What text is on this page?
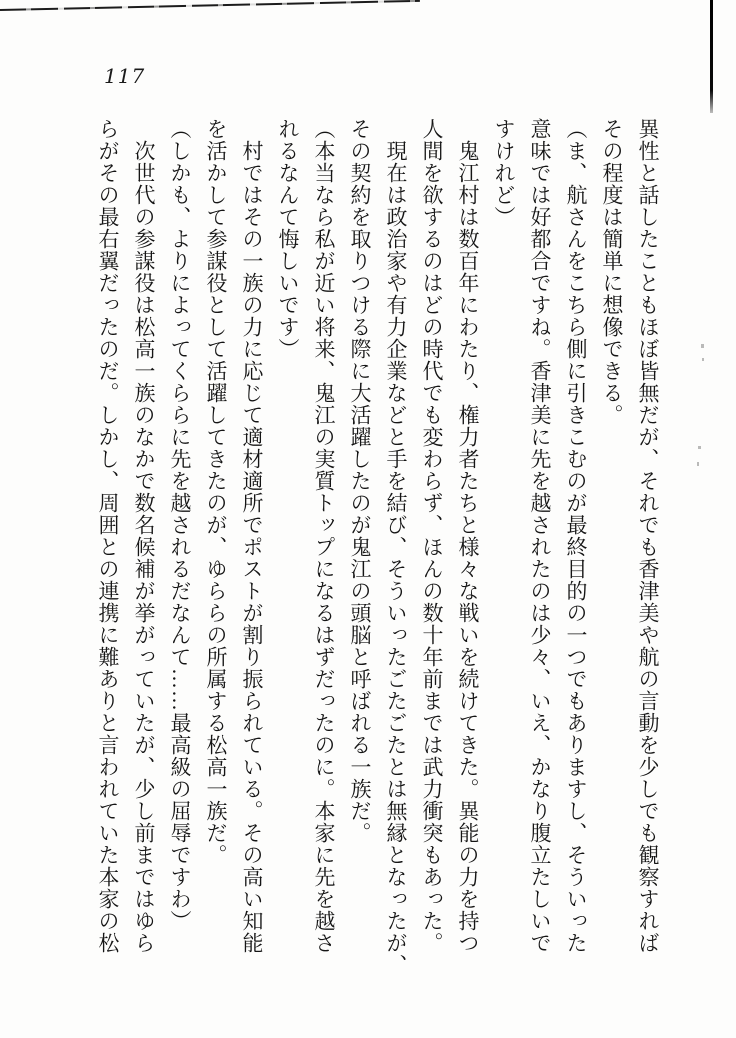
117
異性と話したこともほぼ皆無だが、それでも香津美や航の言動を少しでも観察すれば
その程度は簡単に想像できる。
（ま、航さんをこちら側に引きこむのが最終目的の一つでもありますし、そういった
意味では好都合ですね。香津美に先を越されたのは少々、いえ、かなり腹立たしいで
すけれど）
鬼江村は数百年にわたり、権力者たちと様々な戦いを続けてきた。異能の力を持つ
人間を欲するのはどの時代でも変わらず、ほんの数十年前までは武力衝突もあった。
現在は政治家や有力企業などと手を結び、そういったごたごたとは無縁となったが、
その契約を取りつける際に大活躍したのが鬼江の頭脳と呼ばれる一族だ。
（本当なら私が近い将来、鬼江の実質トップになるはずだったのに。本家に先を越さ
れるなんて悔しいです）
村ではその一族の力に応じて適材適所でポストが割り振られている。その高い知能
を活かして参謀役として活躍してきたのが、ゆららの所属する松高一族だ。
（しかも、よりによってくららに先を越されるだなんて……最高級の屈辱ですわ）
次世代の参謀役は松高一族のなかで数名候補が挙がっていたが、少し前まではゆら
らがその最右翼だったのだ。しかし、周囲との連携に難ありと言われていた本家の松
